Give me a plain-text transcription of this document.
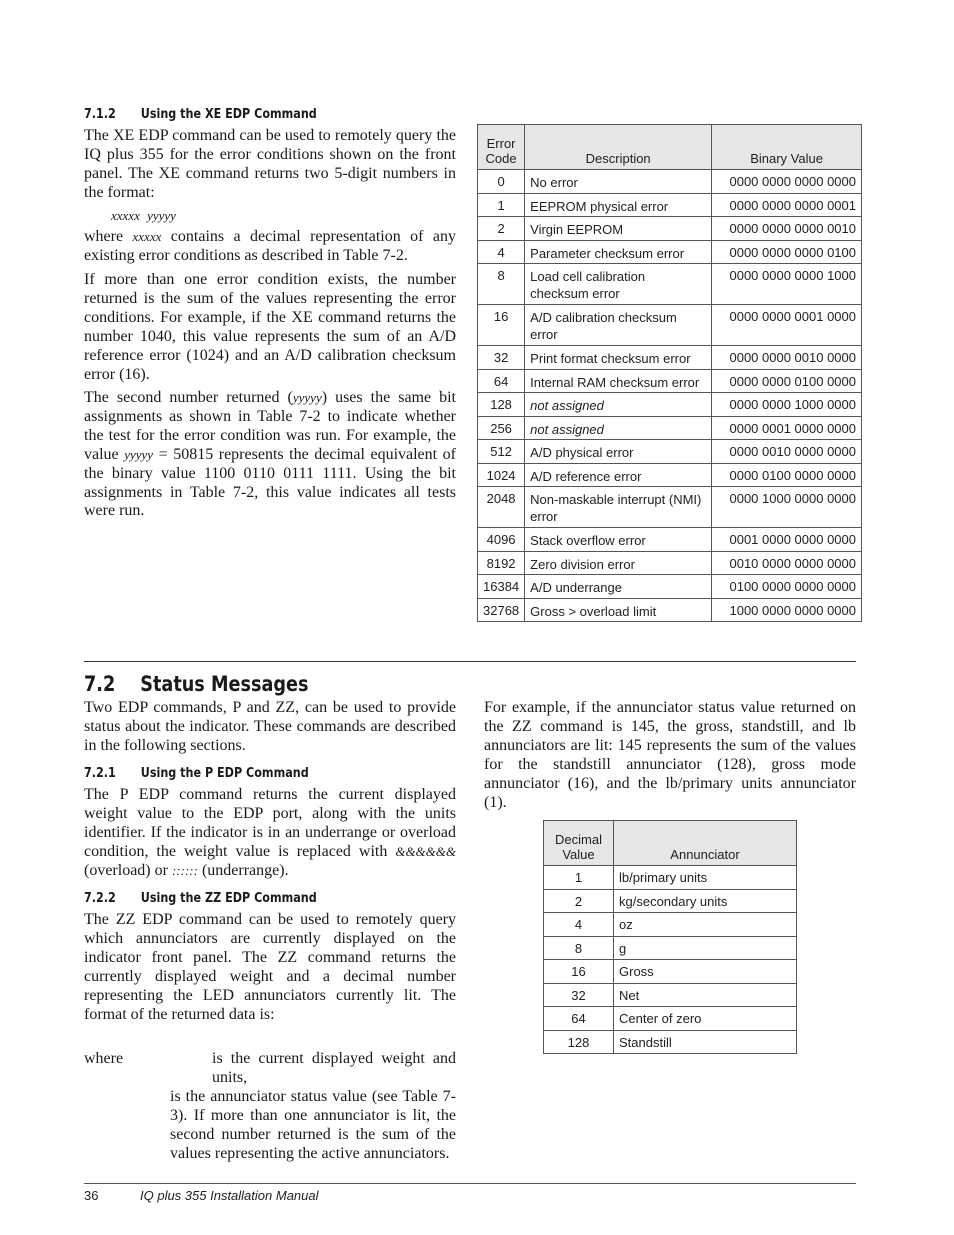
7.1.2 Using the XE EDP Command

The XE EDP command can be used to remotely query the IQ plus 355 for the error conditions shown on the front panel. The XE command returns two 5-digit numbers in the format:

xxxxx yyyyy

where xxxxx contains a decimal representation of any existing error conditions as described in Table 7-2.

If more than one error condition exists, the number returned is the sum of the values representing the error conditions. For example, if the XE command returns the number 1040, this value represents the sum of an A/D reference error (1024) and an A/D calibration checksum error (16).

The second number returned (yyyyy) uses the same bit assignments as shown in Table 7-2 to indicate whether the test for the error condition was run. For example, the value yyyyy = 50815 represents the decimal equivalent of the binary value 1100 0110 0111 1111. Using the bit assignments in Table 7-2, this value indicates all tests were run.

Error Code	Description	Binary Value
0	No error	0000 0000 0000 0000
1	EEPROM physical error	0000 0000 0000 0001
2	Virgin EEPROM	0000 0000 0000 0010
4	Parameter checksum error	0000 0000 0000 0100
8	Load cell calibration checksum error	0000 0000 0000 1000
16	A/D calibration checksum error	0000 0000 0001 0000
32	Print format checksum error	0000 0000 0010 0000
64	Internal RAM checksum error	0000 0000 0100 0000
128	not assigned	0000 0000 1000 0000
256	not assigned	0000 0001 0000 0000
512	A/D physical error	0000 0010 0000 0000
1024	A/D reference error	0000 0100 0000 0000
2048	Non-maskable interrupt (NMI) error	0000 1000 0000 0000
4096	Stack overflow error	0001 0000 0000 0000
8192	Zero division error	0010 0000 0000 0000
16384	A/D underrange	0100 0000 0000 0000
32768	Gross > overload limit	1000 0000 0000 0000
7.2 Status Messages

Two EDP commands, P and ZZ, can be used to provide status about the indicator. These commands are described in the following sections.

7.2.1 Using the P EDP Command

The P EDP command returns the current displayed weight value to the EDP port, along with the units identifier. If the indicator is in an underrange or overload condition, the weight value is replaced with &&&&&& (overload) or :::::: (underrange).

7.2.2 Using the ZZ EDP Command

The ZZ EDP command can be used to remotely query which annunciators are currently displayed on the indicator front panel. The ZZ command returns the currently displayed weight and a decimal number representing the LED annunciators currently lit. The format of the returned data is:

where	is the current displayed weight and units,
is the annunciator status value (see Table 7-3). If more than one annunciator is lit, the second number returned is the sum of the values representing the active annunciators.

For example, if the annunciator status value returned on the ZZ command is 145, the gross, standstill, and lb annunciators are lit: 145 represents the sum of the values for the standstill annunciator (128), gross mode annunciator (16), and the lb/primary units annunciator (1).

Decimal Value	Annunciator
1	lb/primary units
2	kg/secondary units
4	oz
8	g
16	Gross
32	Net
64	Center of zero
128	Standstill
36	IQ plus 355 Installation Manual
